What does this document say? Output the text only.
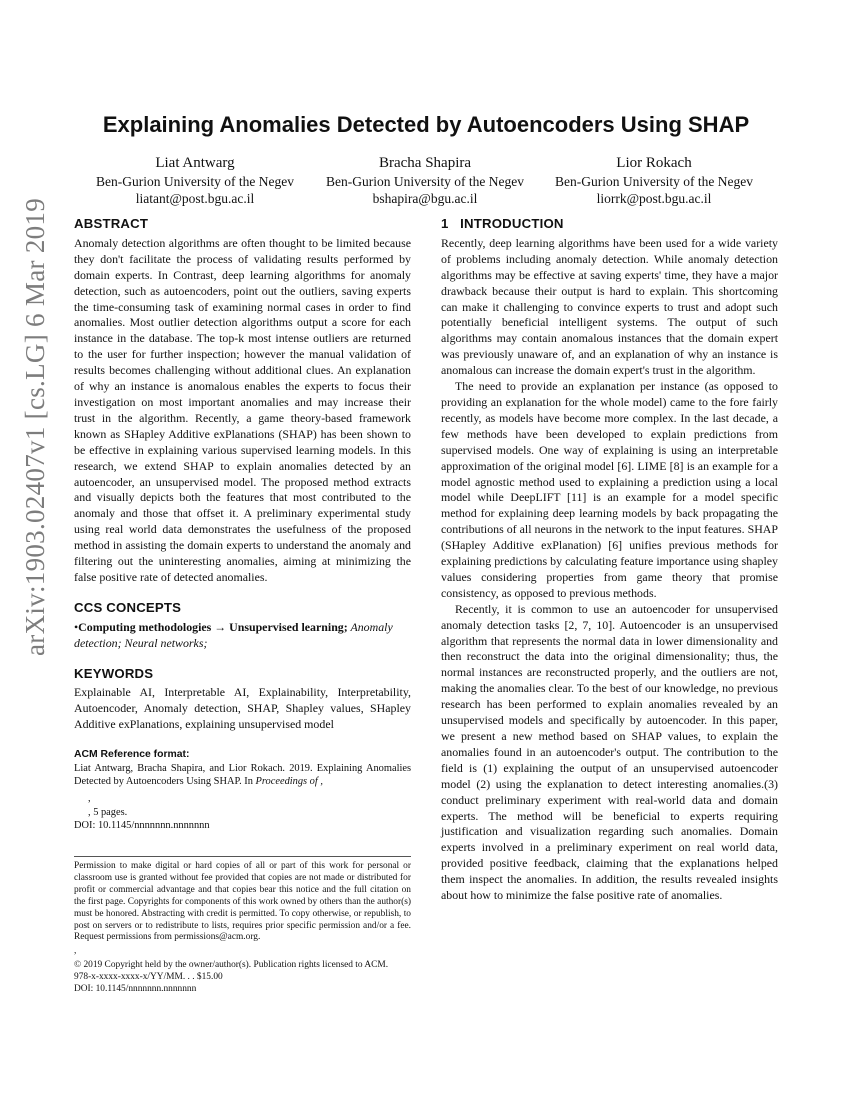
arXiv:1903.02407v1 [cs.LG] 6 Mar 2019
Explaining Anomalies Detected by Autoencoders Using SHAP
Liat Antwarg
Ben-Gurion University of the Negev
liatant@post.bgu.ac.il
Bracha Shapira
Ben-Gurion University of the Negev
bshapira@bgu.ac.il
Lior Rokach
Ben-Gurion University of the Negev
liorrk@post.bgu.ac.il
ABSTRACT

Anomaly detection algorithms are often thought to be limited because they don't facilitate the process of validating results performed by domain experts. In Contrast, deep learning algorithms for anomaly detection, such as autoencoders, point out the outliers, saving experts the time-consuming task of examining normal cases in order to find anomalies. Most outlier detection algorithms output a score for each instance in the database. The top-k most intense outliers are returned to the user for further inspection; however the manual validation of results becomes challenging without additional clues. An explanation of why an instance is anomalous enables the experts to focus their investigation on most important anomalies and may increase their trust in the algorithm. Recently, a game theory-based framework known as SHapley Additive exPlanations (SHAP) has been shown to be effective in explaining various supervised learning models. In this research, we extend SHAP to explain anomalies detected by an autoencoder, an unsupervised model. The proposed method extracts and visually depicts both the features that most contributed to the anomaly and those that offset it. A preliminary experimental study using real world data demonstrates the usefulness of the proposed method in assisting the domain experts to understand the anomaly and filtering out the uninteresting anomalies, aiming at minimizing the false positive rate of detected anomalies.

CCS CONCEPTS

•Computing methodologies → Unsupervised learning; Anomaly detection; Neural networks;

KEYWORDS

Explainable AI, Interpretable AI, Explainability, Interpretability, Autoencoder, Anomaly detection, SHAP, Shapley values, SHapley Additive exPlanations, explaining unsupervised model

ACM Reference format:
Liat Antwarg, Bracha Shapira, and Lior Rokach. 2019. Explaining Anomalies Detected by Autoencoders Using SHAP. In Proceedings of ,
,
, 5 pages.
DOI: 10.1145/nnnnnnn.nnnnnnn

Permission to make digital or hard copies of all or part of this work for personal or classroom use is granted without fee provided that copies are not made or distributed for profit or commercial advantage and that copies bear this notice and the full citation on the first page. Copyrights for components of this work owned by others than the author(s) must be honored. Abstracting with credit is permitted. To copy otherwise, or republish, to post on servers or to redistribute to lists, requires prior specific permission and/or a fee. Request permissions from permissions@acm.org.

,

© 2019 Copyright held by the owner/author(s). Publication rights licensed to ACM.

978-x-xxxx-xxxx-x/YY/MM. . . $15.00

DOI: 10.1145/nnnnnnn.nnnnnnn

1   INTRODUCTION

Recently, deep learning algorithms have been used for a wide variety of problems including anomaly detection. While anomaly detection algorithms may be effective at saving experts' time, they have a major drawback because their output is hard to explain. This shortcoming can make it challenging to convince experts to trust and adopt such potentially beneficial intelligent systems. The output of such algorithms may contain anomalous instances that the domain expert was previously unaware of, and an explanation of why an instance is anomalous can increase the domain expert's trust in the algorithm.

The need to provide an explanation per instance (as opposed to providing an explanation for the whole model) came to the fore fairly recently, as models have become more complex. In the last decade, a few methods have been developed to explain predictions from supervised models. One way of explaining is using an interpretable approximation of the original model [6]. LIME [8] is an example for a model agnostic method used to explaining a prediction using a local model while DeepLIFT [11] is an example for a model specific method for explaining deep learning models by back propagating the contributions of all neurons in the network to the input features. SHAP (SHapley Additive exPlanation) [6] unifies previous methods for explaining predictions by calculating feature importance using shapley values considering properties from game theory that promise consistency, as opposed to previous methods.

Recently, it is common to use an autoencoder for unsupervised anomaly detection tasks [2, 7, 10]. Autoencoder is an unsupervised algorithm that represents the normal data in lower dimensionality and then reconstruct the data into the original dimensionality; thus, the normal instances are reconstructed properly, and the outliers are not, making the anomalies clear. To the best of our knowledge, no previous research has been performed to explain anomalies revealed by an unsupervised models and specifically by autoencoder. In this paper, we present a new method based on SHAP values, to explain the anomalies found in an autoencoder's output. The contribution to the field is (1) explaining the output of an unsupervised autoencoder model (2) using the explanation to detect interesting anomalies.(3) conduct preliminary experiment with real-world data and domain experts. The method will be beneficial to experts requiring justification and visualization regarding such anomalies. Domain experts involved in a preliminary experiment on real world data, provided positive feedback, claiming that the explanations helped them inspect the anomalies. In addition, the results revealed insights about how to minimize the false positive rate of anomalies.
